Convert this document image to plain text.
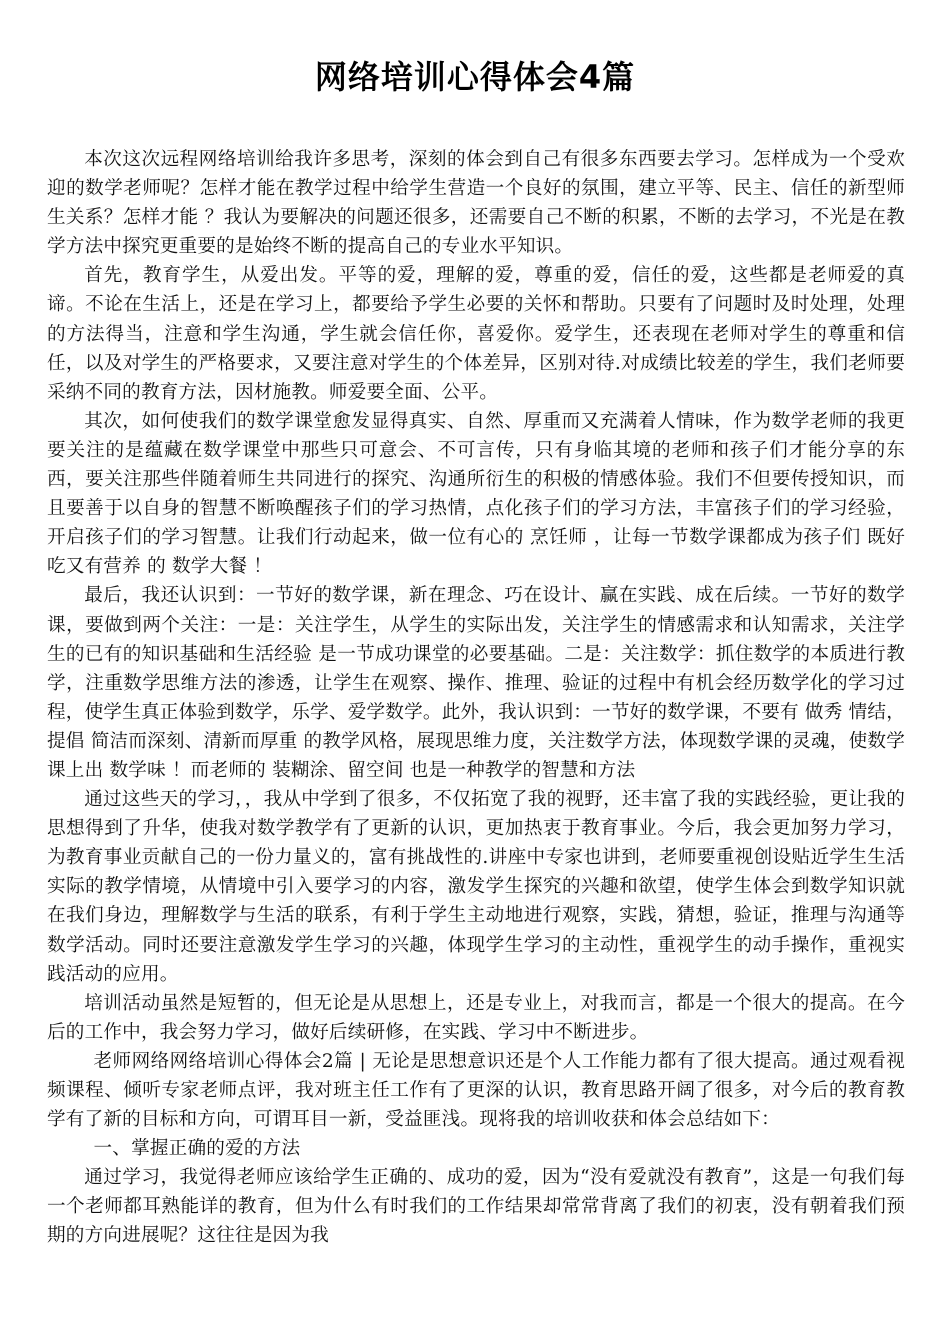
网络培训心得体会4篇

本次这次远程网络培训给我许多思考，深刻的体会到自己有很多东西要去学习。怎样成为一个受欢迎的数学老师呢？怎样才能在教学过程中给学生营造一个良好的氛围，建立平等、民主、信任的新型师生关系？怎样才能 ？我认为要解决的问题还很多，还需要自己不断的积累，不断的去学习，不光是在教学方法中探究更重要的是始终不断的提高自己的专业水平知识。

首先，教育学生，从爱出发。平等的爱，理解的爱，尊重的爱，信任的爱，这些都是老师爱的真谛。不论在生活上，还是在学习上，都要给予学生必要的关怀和帮助。只要有了问题时及时处理，处理的方法得当，注意和学生沟通，学生就会信任你，喜爱你。爱学生，还表现在老师对学生的尊重和信任，以及对学生的严格要求，又要注意对学生的个体差异，区别对待.对成绩比较差的学生，我们老师要采纳不同的教育方法，因材施教。师爱要全面、公平。

其次，如何使我们的数学课堂愈发显得真实、自然、厚重而又充满着人情味，作为数学老师的我更要关注的是蕴藏在数学课堂中那些只可意会、不可言传，只有身临其境的老师和孩子们才能分享的东西，要关注那些伴随着师生共同进行的探究、沟通所衍生的积极的情感体验。我们不但要传授知识，而且要善于以自身的智慧不断唤醒孩子们的学习热情，点化孩子们的学习方法，丰富孩子们的学习经验，开启孩子们的学习智慧。让我们行动起来，做一位有心的 烹饪师 ，让每一节数学课都成为孩子们 既好吃又有营养 的 数学大餐 ！

最后，我还认识到：一节好的数学课，新在理念、巧在设计、赢在实践、成在后续。一节好的数学课，要做到两个关注：一是：关注学生，从学生的实际出发，关注学生的情感需求和认知需求，关注学生的已有的知识基础和生活经验 是一节成功课堂的必要基础。二是：关注数学：抓住数学的本质进行教学，注重数学思维方法的渗透，让学生在观察、操作、推理、验证的过程中有机会经历数学化的学习过程，使学生真正体验到数学，乐学、爱学数学。此外，我认识到：一节好的数学课，不要有 做秀 情结，提倡 简洁而深刻、清新而厚重 的教学风格，展现思维力度，关注数学方法，体现数学课的灵魂，使数学课上出 数学味 ！而老师的 装糊涂、留空间 也是一种教学的智慧和方法

通过这些天的学习，，我从中学到了很多，不仅拓宽了我的视野，还丰富了我的实践经验，更让我的思想得到了升华，使我对数学教学有了更新的认识，更加热衷于教育事业。今后，我会更加努力学习，为教育事业贡献自己的一份力量义的，富有挑战性的.讲座中专家也讲到，老师要重视创设贴近学生生活实际的教学情境，从情境中引入要学习的内容，激发学生探究的兴趣和欲望，使学生体会到数学知识就在我们身边，理解数学与生活的联系，有利于学生主动地进行观察，实践，猜想，验证，推理与沟通等数学活动。同时还要注意激发学生学习的兴趣，体现学生学习的主动性，重视学生的动手操作，重视实践活动的应用。

培训活动虽然是短暂的，但无论是从思想上，还是专业上，对我而言，都是一个很大的提高。在今后的工作中，我会努力学习，做好后续研修，在实践、学习中不断进步。

老师网络网络培训心得体会2篇 | 无论是思想意识还是个人工作能力都有了很大提高。通过观看视频课程、倾听专家老师点评，我对班主任工作有了更深的认识，教育思路开阔了很多，对今后的教育教学有了新的目标和方向，可谓耳目一新，受益匪浅。现将我的培训收获和体会总结如下：

一、掌握正确的爱的方法

通过学习，我觉得老师应该给学生正确的、成功的爱，因为“没有爱就没有教育”，这是一句我们每一个老师都耳熟能详的教育，但为什么有时我们的工作结果却常常背离了我们的初衷，没有朝着我们预期的方向进展呢？这往往是因为我
